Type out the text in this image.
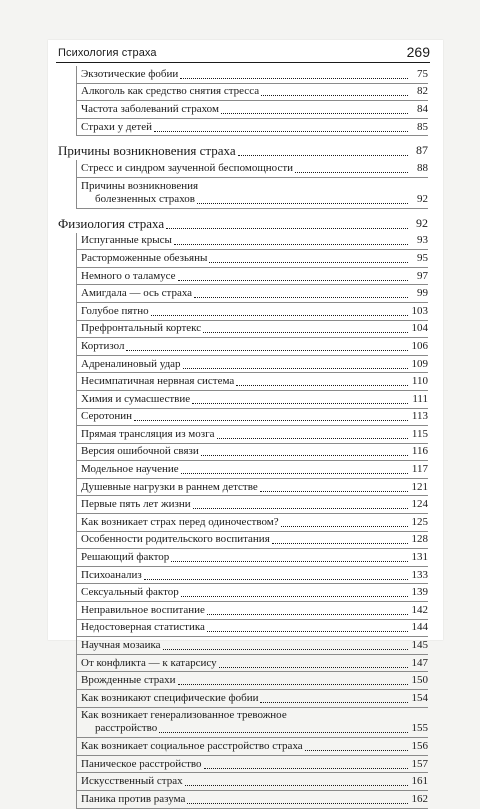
Психология страха	269
Экзотические фобии	75
Алкоголь как средство снятия стресса	82
Частота заболеваний страхом	84
Страхи у детей	85
Причины возникновения страха	87
Стресс и синдром заученной беспомощности	88
Причины возникновения
болезненных страхов	92
Физиология страха	92
Испуганные крысы	93
Расторможенные обезьяны	95
Немного о таламусе	97
Амигдала — ось страха	99
Голубое пятно	103
Префронтальный кортекс	104
Кортизол	106
Адреналиновый удар	109
Несимпатичная нервная система	110
Химия и сумасшествие	111
Серотонин	113
Прямая трансляция из мозга	115
Версия ошибочной связи	116
Модельное научение	117
Душевные нагрузки в раннем детстве	121
Первые пять лет жизни	124
Как возникает страх перед одиночеством?	125
Особенности родительского воспитания	128
Решающий фактор	131
Психоанализ	133
Сексуальный фактор	139
Неправильное воспитание	142
Недостоверная статистика	144
Научная мозаика	145
От конфликта — к катарсису	147
Врожденные страхи	150
Как возникают специфические фобии	154
Как возникает генерализованное тревожное
расстройство	155
Как возникает социальное расстройство страха	156
Паническое расстройство	157
Искусственный страх	161
Паника против разума	162
